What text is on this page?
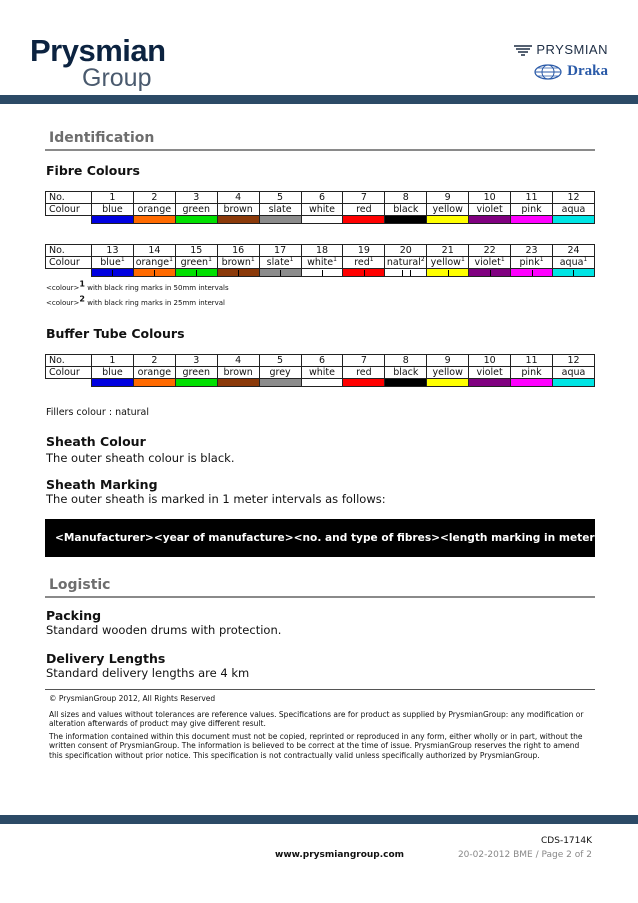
Prysmian
Group
PRYSMIAN
Draka
Identification
Fibre Colours
No.	1	2	3	4	5	6	7	8	9	10	11	12
Colour	blue	orange	green	brown	slate	white	red	black	yellow	violet	pink	aqua

No.	13	14	15	16	17	18	19	20	21	22	23	24
Colour	blue$^1$	orange$^1$	green$^1$	brown$^1$	slate$^1$	white$^1$	red$^1$	natural$^2$	yellow$^1$	violet$^1$	pink$^1$	aqua$^1$

<colour>1 with black ring marks in 50mm intervals
<colour>2 with black ring marks in 25mm interval
Buffer Tube Colours
No.	1	2	3	4	5	6	7	8	9	10	11	12
Colour	blue	orange	green	brown	grey	white	red	black	yellow	violet	pink	aqua

Fillers colour : natural
Sheath Colour
The outer sheath colour is black.
Sheath Marking
The outer sheath is marked in 1 meter intervals as follows:
<Manufacturer> <year of manufacture> <no. and type of fibres> <length marking in meters>
Logistic
Packing
Standard wooden drums with protection.
Delivery Lengths
Standard delivery lengths are 4 km

© PrysmianGroup 2012, All Rights Reserved

All sizes and values without tolerances are reference values. Specifications are for product as supplied by PrysmianGroup: any modification or alteration afterwards of product may give different result.

The information contained within this document must not be copied, reprinted or reproduced in any form, either wholly or in part, without the written consent of PrysmianGroup. The information is believed to be correct at the time of issue. PrysmianGroup reserves the right to amend this specification without prior notice. This specification is not contractually valid unless specifically authorized by PrysmianGroup.

CDS-1714K
www.prysmiangroup.com	20-02-2012 BME / Page 2 of 2
